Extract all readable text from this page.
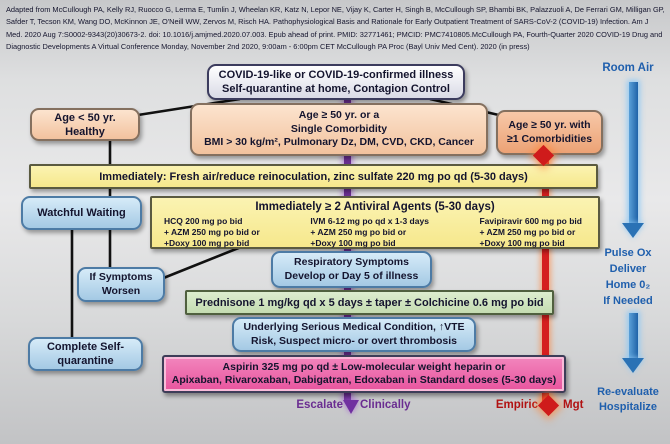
Adapted from McCullough PA, Kelly RJ, Ruocco G, Lerma E, Tumlin J, Wheelan KR, Katz N, Lepor NE, Vijay K, Carter H, Singh B, McCullough SP, Bhambi BK, Palazzuoli A, De Ferrari GM, Milligan GP, Safder T, Tecson KM, Wang DO, McKinnon JE, O'Neill WW, Zervos M, Risch HA. Pathophysiological Basis and Rationale for Early Outpatient Treatment of SARS-CoV-2 (COVID-19) Infection. Am J Med. 2020 Aug 7:S0002-9343(20)30673-2. doi: 10.1016/j.amjmed.2020.07.003. Epub ahead of print. PMID: 32771461; PMCID: PMC7410805.McCullough PA, Fourth-Quarter 2020 COVID-19 Drug and Diagnostic Developments A Virtual Conference Monday, November 2nd 2020, 9:00am - 6:00pm CET McCullough PA Proc (Bayl Univ Med Cent). 2020 (in press)
COVID-19-like or COVID-19-confirmed illness
Self-quarantine at home, Contagion Control
Age < 50 yr.
Healthy
Age ≥ 50 yr. or a
Single Comorbidity
BMI > 30 kg/m², Pulmonary Dz, DM, CVD, CKD, Cancer
Age ≥ 50 yr. with
≥1 Comorbidities
Immediately: Fresh air/reduce reinoculation, zinc sulfate 220 mg po qd (5-30 days)
Watchful Waiting	Immediately ≥ 2 Antiviral Agents (5-30 days)
HCQ 200 mg po bid
+ AZM 250 mg po bid or
+Doxy 100 mg po bid
IVM 6-12 mg po qd x 1-3 days
+ AZM 250 mg po bid or
+Doxy 100 mg po bid
Favipiravir 600 mg po bid
+ AZM 250 mg po bid or
+Doxy 100 mg po bid
Respiratory Symptoms
Develop or Day 5 of illness
If Symptoms
Worsen
Prednisone 1 mg/kg qd x 5 days ± taper ± Colchicine 0.6 mg po bid
Underlying Serious Medical Condition, ↑VTE
Risk, Suspect micro- or overt thrombosis
Complete Self-
quarantine	Aspirin 325 mg po qd ± Low-molecular weight heparin or
Apixaban, Rivaroxaban, Dabigatran, Edoxaban in Standard doses (5-30 days)
Escalate Clinically	Empiric Mgt
Room Air
Pulse Ox
Deliver
Home 0₂
If Needed
Re-evaluate
Hospitalize
